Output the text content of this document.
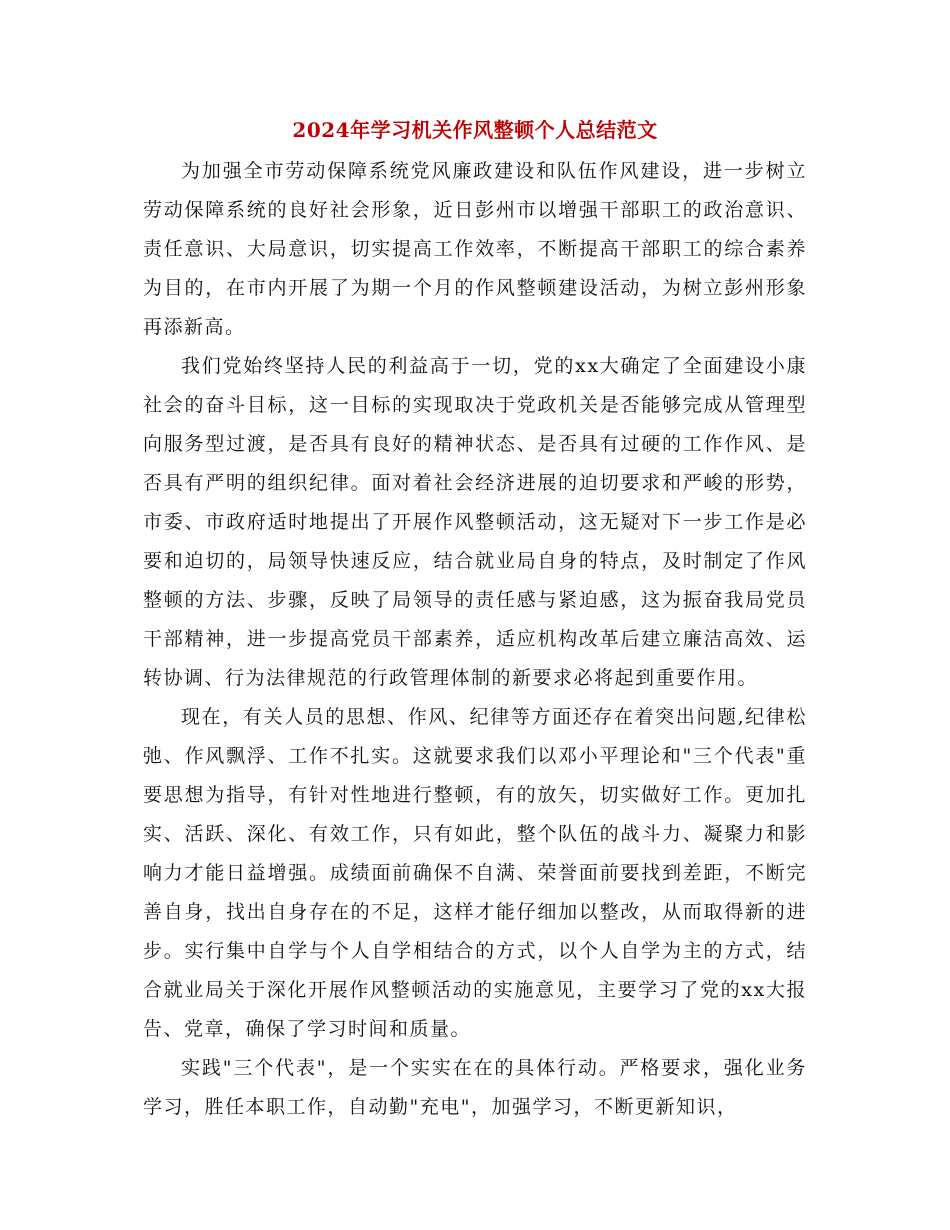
2024年学习机关作风整顿个人总结范文

为加强全市劳动保障系统党风廉政建设和队伍作风建设，进一步树立劳动保障系统的良好社会形象，近日彭州市以增强干部职工的政治意识、责任意识、大局意识，切实提高工作效率，不断提高干部职工的综合素养为目的，在市内开展了为期一个月的作风整顿建设活动，为树立彭州形象再添新高。

我们党始终坚持人民的利益高于一切，党的xx大确定了全面建设小康社会的奋斗目标，这一目标的实现取决于党政机关是否能够完成从管理型向服务型过渡，是否具有良好的精神状态、是否具有过硬的工作作风、是否具有严明的组织纪律。面对着社会经济进展的迫切要求和严峻的形势，市委、市政府适时地提出了开展作风整顿活动，这无疑对下一步工作是必要和迫切的，局领导快速反应，结合就业局自身的特点，及时制定了作风整顿的方法、步骤，反映了局领导的责任感与紧迫感，这为振奋我局党员干部精神，进一步提高党员干部素养，适应机构改革后建立廉洁高效、运转协调、行为法律规范的行政管理体制的新要求必将起到重要作用。

现在，有关人员的思想、作风、纪律等方面还存在着突出问题,纪律松弛、作风飘浮、工作不扎实。这就要求我们以邓小平理论和"三个代表"重要思想为指导，有针对性地进行整顿，有的放矢，切实做好工作。更加扎实、活跃、深化、有效工作，只有如此，整个队伍的战斗力、凝聚力和影响力才能日益增强。成绩面前确保不自满、荣誉面前要找到差距，不断完善自身，找出自身存在的不足，这样才能仔细加以整改，从而取得新的进步。实行集中自学与个人自学相结合的方式，以个人自学为主的方式，结合就业局关于深化开展作风整顿活动的实施意见，主要学习了党的xx大报告、党章，确保了学习时间和质量。

实践"三个代表"，是一个实实在在的具体行动。严格要求，强化业务学习，胜任本职工作，自动勤"充电"，加强学习，不断更新知识，
